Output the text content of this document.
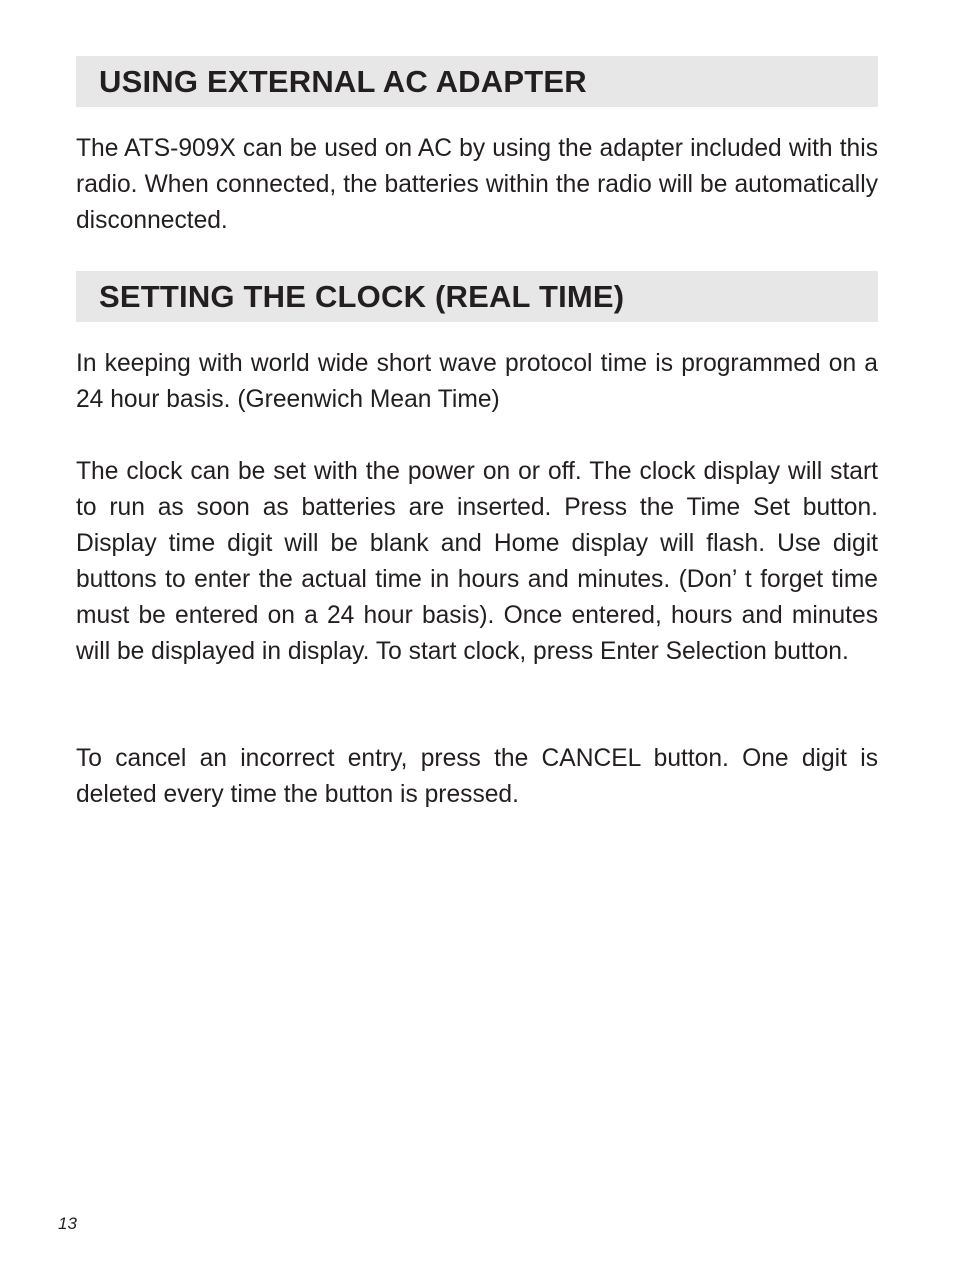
USING EXTERNAL AC ADAPTER

The ATS-909X can be used on AC by using the adapter included with this radio. When connected, the batteries within the radio will be automatically disconnected.

SETTING THE CLOCK (REAL TIME)

In keeping with world wide short wave protocol time is programmed on a 24 hour basis. (Greenwich Mean Time)

The clock can be set with the power on or off. The clock display will start to run as soon as batteries are inserted. Press the Time Set button. Display time digit will be blank and Home display will flash. Use digit buttons to enter the actual time in hours and minutes. (Don’ t forget time must be entered on a 24 hour basis). Once entered, hours and minutes will be displayed in display. To start clock, press Enter Selection button.

To cancel an incorrect entry, press the CANCEL button. One digit is deleted every time the button is pressed.

13
